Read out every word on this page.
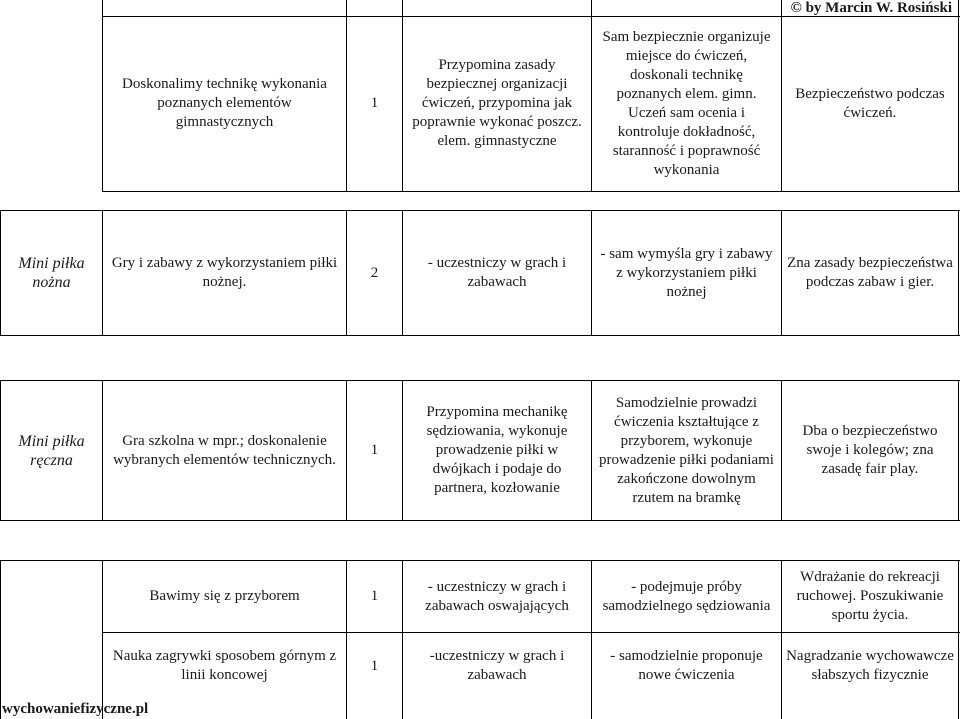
© by Marcin W. Rosiński
Doskonalimy technikę wykonania poznanych elementów gimnastycznych
1
Przypomina zasady bezpiecznej organizacji ćwiczeń, przypomina jak poprawnie wykonać poszcz. elem. gimnastyczne
Sam bezpiecznie organizuje miejsce do ćwiczeń, doskonali technikę poznanych elem. gimn. Uczeń sam ocenia i kontroluje dokładność, staranność i poprawność wykonania
Bezpieczeństwo podczas ćwiczeń.
Mini piłka nożna
Gry i zabawy z wykorzystaniem piłki nożnej.
2
- uczestniczy w grach i zabawach
- sam wymyśla gry i zabawy z wykorzystaniem piłki nożnej
Zna zasady bezpieczeństwa podczas zabaw i gier.
Mini piłka ręczna
Gra szkolna w mpr.; doskonalenie wybranych elementów technicznych.
1
Przypomina mechanikę sędziowania, wykonuje prowadzenie piłki w dwójkach i podaje do partnera, kozłowanie
Samodzielnie prowadzi ćwiczenia kształtujące z przyborem, wykonuje prowadzenie piłki podaniami zakończone dowolnym rzutem na bramkę
Dba o bezpieczeństwo swoje i kolegów; zna zasadę fair play.
Bawimy się z przyborem	1
- uczestniczy w grach i zabawach oswajających
- podejmuje próby samodzielnego sędziowania
Wdrażanie do rekreacji ruchowej. Poszukiwanie sportu życia.
Nauka zagrywki sposobem górnym z linii koncowej
1
-uczestniczy w grach i zabawach
- samodzielnie proponuje nowe ćwiczenia
Nagradzanie wychowawcze słabszych fizycznie
wychowaniefizyczne.pl
